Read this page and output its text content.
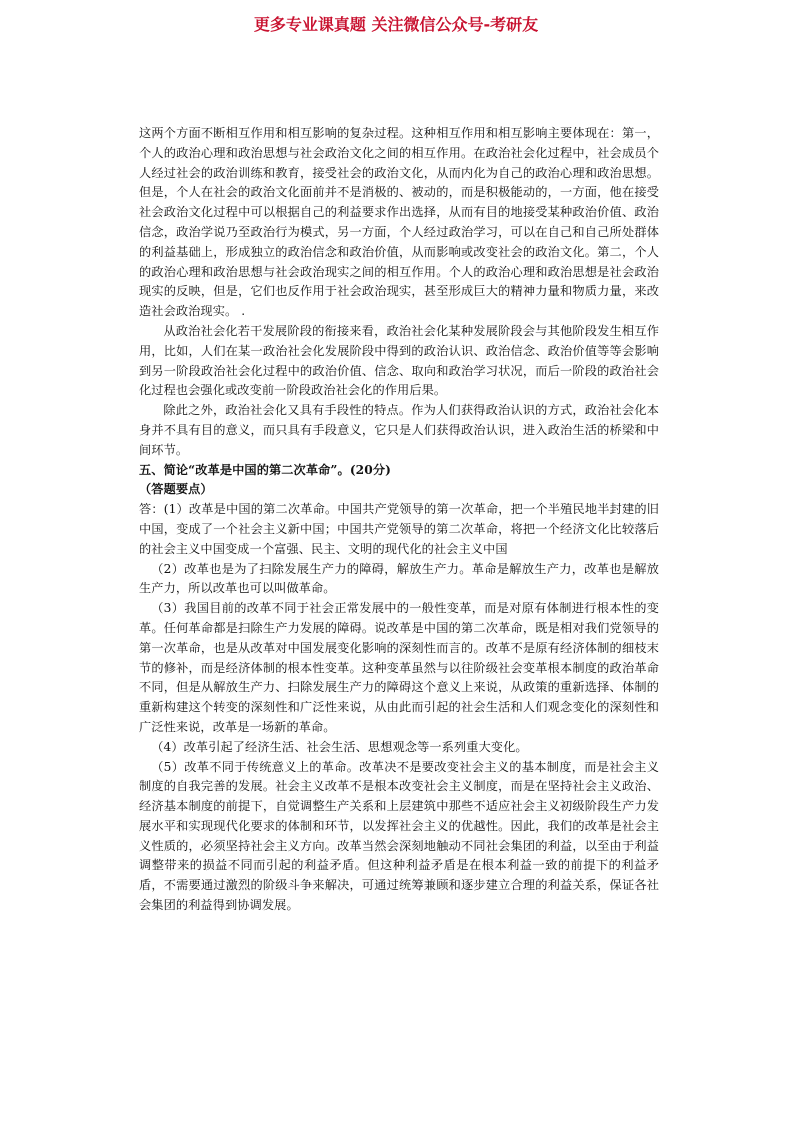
更多专业课真题 关注微信公众号-考研友

这两个方面不断相互作用和相互影响的复杂过程。这种相互作用和相互影响主要体现在：第一，个人的政治心理和政治思想与社会政治文化之间的相互作用。在政治社会化过程中，社会成员个人经过社会的政治训练和教育，接受社会的政治文化，从而内化为自己的政治心理和政治思想。但是，个人在社会的政治文化面前并不是消极的、被动的，而是积极能动的，一方面，他在接受社会政治文化过程中可以根据自己的利益要求作出选择，从而有目的地接受某种政治价值、政治信念，政治学说乃至政治行为模式，另一方面，个人经过政治学习，可以在自己和自己所处群体的利益基础上，形成独立的政治信念和政治价值，从而影响或改变社会的政治文化。第二，个人的政治心理和政治思想与社会政治现实之间的相互作用。个人的政治心理和政治思想是社会政治现实的反映，但是，它们也反作用于社会政治现实，甚至形成巨大的精神力量和物质力量，来改造社会政治现实。 .

从政治社会化若干发展阶段的衔接来看，政治社会化某种发展阶段会与其他阶段发生相互作用，比如，人们在某一政治社会化发展阶段中得到的政治认识、政治信念、政治价值等等会影响到另一阶段政治社会化过程中的政治价值、信念、取向和政治学习状况，而后一阶段的政治社会化过程也会强化或改变前一阶段政治社会化的作用后果。

除此之外，政治社会化又具有手段性的特点。作为人们获得政治认识的方式，政治社会化本身并不具有目的意义，而只具有手段意义，它只是人们获得政治认识，进入政治生活的桥梁和中间环节。

五、简论“改革是中国的第二次革命”。(20分)

（答题要点）

答：(1）改革是中国的第二次革命。中国共产党领导的第一次革命，把一个半殖民地半封建的旧中国，变成了一个社会主义新中国；中国共产党领导的第二次革命，将把一个经济文化比较落后的社会主义中国变成一个富强、民主、文明的现代化的社会主义中国

（2）改革也是为了扫除发展生产力的障碍，解放生产力。革命是解放生产力，改革也是解放生产力，所以改革也可以叫做革命。

（3）我国目前的改革不同于社会正常发展中的一般性变革，而是对原有体制进行根本性的变革。任何革命都是扫除生产力发展的障碍。说改革是中国的第二次革命，既是相对我们党领导的第一次革命，也是从改革对中国发展变化影响的深刻性而言的。改革不是原有经济体制的细枝末节的修补，而是经济体制的根本性变革。这种变革虽然与以往阶级社会变革根本制度的政治革命不同，但是从解放生产力、扫除发展生产力的障碍这个意义上来说，从政策的重新选择、体制的重新构建这个转变的深刻性和广泛性来说，从由此而引起的社会生活和人们观念变化的深刻性和广泛性来说，改革是一场新的革命。

（4）改革引起了经济生活、社会生活、思想观念等一系列重大变化。

（5）改革不同于传统意义上的革命。改革决不是要改变社会主义的基本制度，而是社会主义制度的自我完善的发展。社会主义改革不是根本改变社会主义制度，而是在坚持社会主义政治、经济基本制度的前提下，自觉调整生产关系和上层建筑中那些不适应社会主义初级阶段生产力发展水平和实现现代化要求的体制和环节，以发挥社会主义的优越性。因此，我们的改革是社会主义性质的，必须坚持社会主义方向。改革当然会深刻地触动不同社会集团的利益，以至由于利益调整带来的损益不同而引起的利益矛盾。但这种利益矛盾是在根本利益一致的前提下的利益矛盾，不需要通过激烈的阶级斗争来解决，可通过统筹兼顾和逐步建立合理的利益关系，保证各社会集团的利益得到协调发展。
